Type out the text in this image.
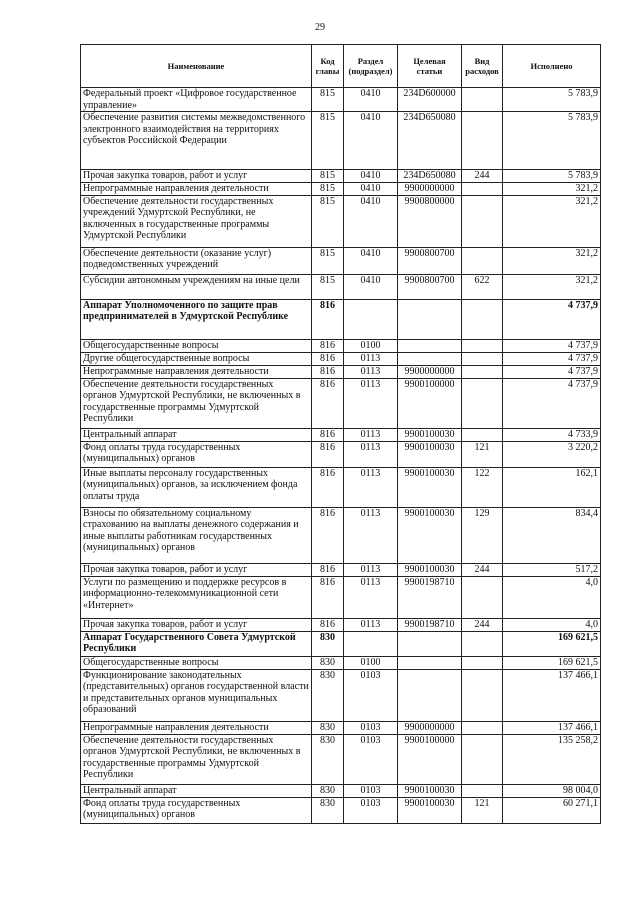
29
Наименование	Код главы	Раздел (подраздел)	Целевая статьи	Вид расходов	Исполнено
Федеральный проект «Цифровое государственное управление»	815	0410	234D600000		5 783,9
Обеспечение развития системы межведомственного электронного взаимодействия на территориях субъектов Российской Федерации	815	0410	234D650080		5 783,9
Прочая закупка товаров, работ и услуг	815	0410	234D650080	244	5 783,9
Непрограммные направления деятельности	815	0410	9900000000		321,2
Обеспечение деятельности государственных учреждений Удмуртской Республики, не включенных в государственные программы Удмуртской Республики	815	0410	9900800000		321,2
Обеспечение деятельности (оказание услуг) подведомственных учреждений	815	0410	9900800700		321,2
Субсидии автономным учреждениям на иные цели	815	0410	9900800700	622	321,2
Аппарат Уполномоченного по защите прав предпринимателей в Удмуртской Республике	816				4 737,9
Общегосударственные вопросы	816	0100			4 737,9
Другие общегосударственные вопросы	816	0113			4 737,9
Непрограммные направления деятельности	816	0113	9900000000		4 737,9
Обеспечение деятельности государственных органов Удмуртской Республики, не включенных в государственные программы Удмуртской Республики	816	0113	9900100000		4 737,9
Центральный аппарат	816	0113	9900100030		4 733,9
Фонд оплаты труда государственных (муниципальных) органов	816	0113	9900100030	121	3 220,2
Иные выплаты персоналу государственных (муниципальных) органов, за исключением фонда оплаты труда	816	0113	9900100030	122	162,1
Взносы по обязательному социальному страхованию на выплаты денежного содержания и иные выплаты работникам государственных (муниципальных) органов	816	0113	9900100030	129	834,4
Прочая закупка товаров, работ и услуг	816	0113	9900100030	244	517,2
Услуги по размещению и поддержке ресурсов в информационно-телекоммуникационной сети «Интернет»	816	0113	9900198710		4,0
Прочая закупка товаров, работ и услуг	816	0113	9900198710	244	4,0
Аппарат Государственного Совета Удмуртской Республики	830				169 621,5
Общегосударственные вопросы	830	0100			169 621,5
Функционирование законодательных (представительных) органов государственной власти и представительных органов муниципальных образований	830	0103			137 466,1
Непрограммные направления деятельности	830	0103	9900000000		137 466,1
Обеспечение деятельности государственных органов Удмуртской Республики, не включенных в государственные программы Удмуртской Республики	830	0103	9900100000		135 258,2
Центральный аппарат	830	0103	9900100030		98 004,0
Фонд оплаты труда государственных (муниципальных) органов	830	0103	9900100030	121	60 271,1
